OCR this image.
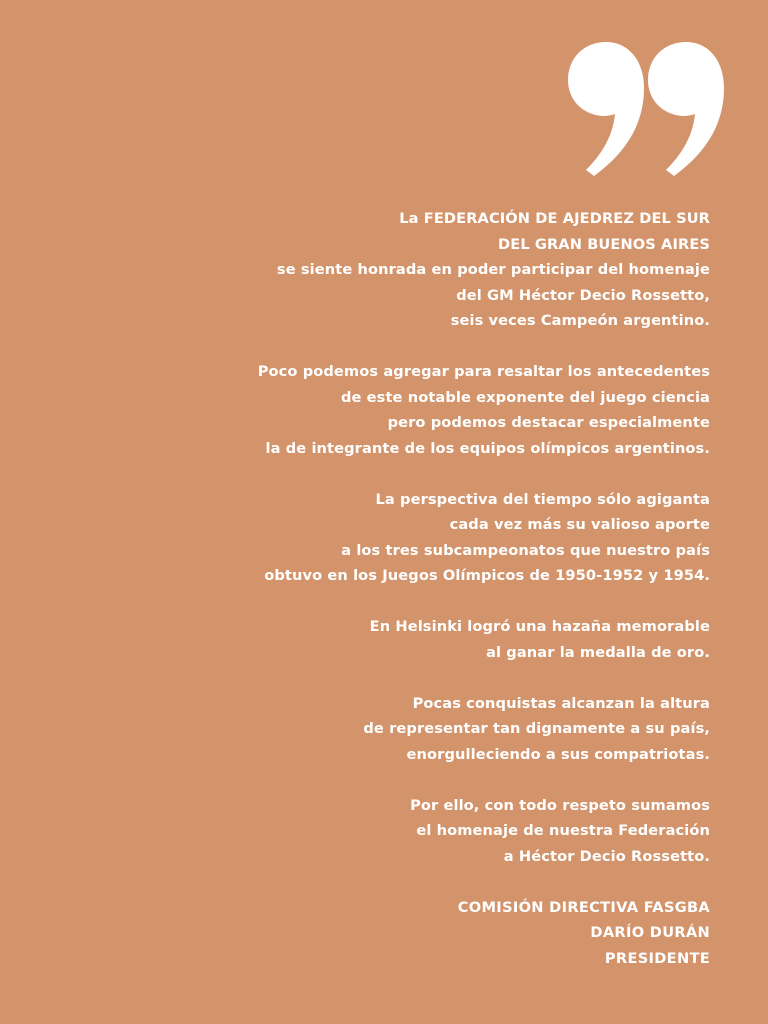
La FEDERACIÓN DE AJEDREZ DEL SUR
DEL GRAN BUENOS AIRES
se siente honrada en poder participar del homenaje
del GM Héctor Decio Rossetto,
seis veces Campeón argentino.
Poco podemos agregar para resaltar los antecedentes
de este notable exponente del juego ciencia
pero podemos destacar especialmente
la de integrante de los equipos olímpicos argentinos.
La perspectiva del tiempo sólo agiganta
cada vez más su valioso aporte
a los tres subcampeonatos que nuestro país
obtuvo en los Juegos Olímpicos de 1950-1952 y 1954.
En Helsinki logró una hazaña memorable
al ganar la medalla de oro.
Pocas conquistas alcanzan la altura
de representar tan dignamente a su país,
enorgulleciendo a sus compatriotas.
Por ello, con todo respeto sumamos
el homenaje de nuestra Federación
a Héctor Decio Rossetto.
COMISIÓN DIRECTIVA FASGBA
DARÍO DURÁN
PRESIDENTE
